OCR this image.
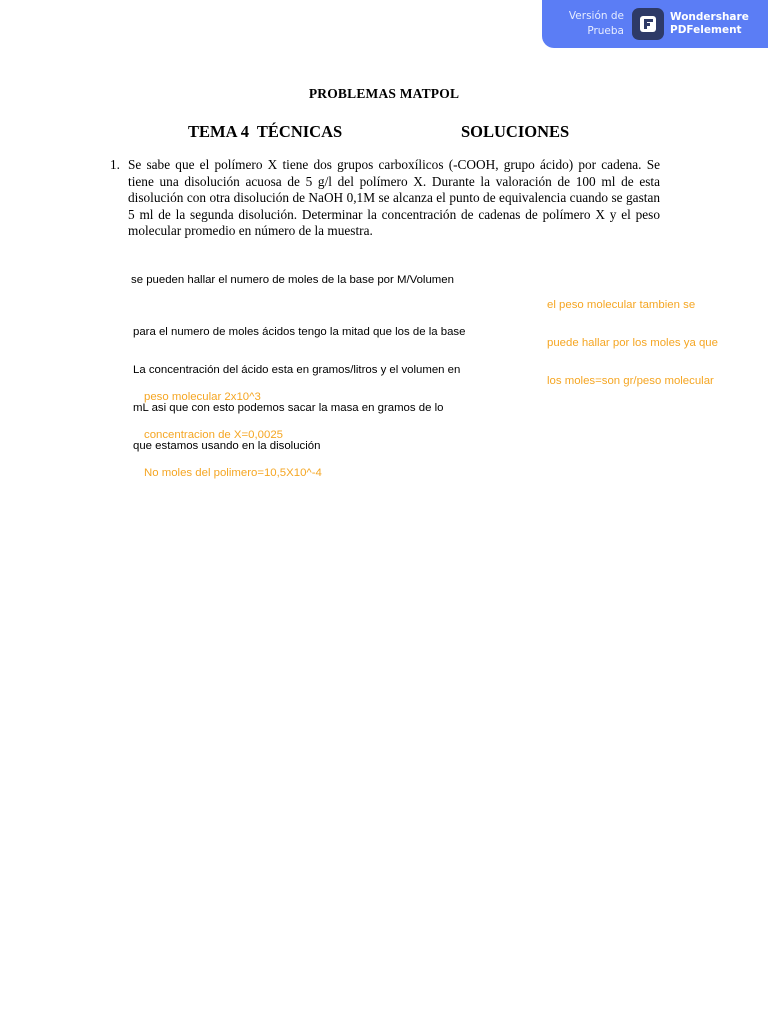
Versión de
Prueba
Wondershare
PDFelement
PROBLEMAS MATPOL
TEMA 4  TÉCNICAS	SOLUCIONES
1. Se sabe que el polímero X tiene dos grupos carboxílicos (-COOH, grupo ácido) por cadena. Se tiene una disolución acuosa de 5 g/l del polímero X. Durante la valoración de 100 ml de esta disolución con otra disolución de NaOH 0,1M se alcanza el punto de equivalencia cuando se gastan 5 ml de la segunda disolución. Determinar la concentración de cadenas de polímero X y el peso molecular promedio en número de la muestra.
se pueden hallar el numero de moles de la base por M/Volumen

para el numero de moles ácidos tengo la mitad que los de la base

La concentración del ácido esta en gramos/litros y el volumen en

mL asi que con esto podemos sacar la masa en gramos de lo

que estamos usando en la disolución

peso molecular 2x10^3

concentracion de X=0,0025

No moles del polimero=10,5X10^-4

el peso molecular tambien se

puede hallar por los moles ya que

los moles=son gr/peso molecular
